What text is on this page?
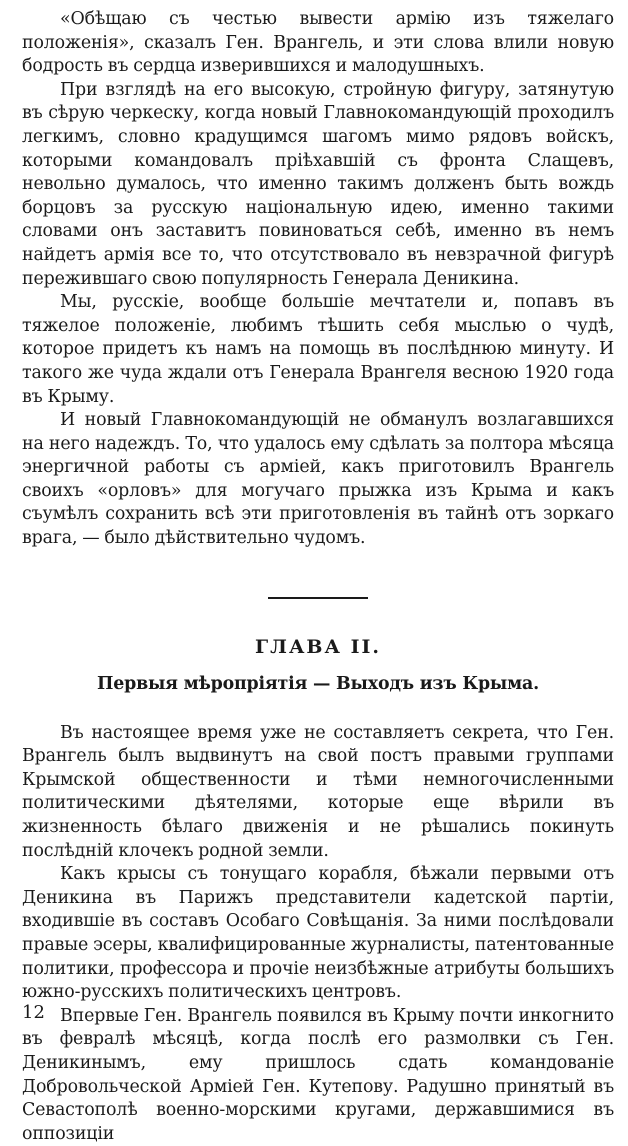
«Обѣщаю съ честью вывести армію изъ тяжелаго положенія», сказалъ Ген. Врангель, и эти слова влили новую бодрость въ сердца изверившихся и малодушныхъ.

При взглядѣ на его высокую, стройную фигуру, затянутую въ сѣрую черкеску, когда новый Главнокомандующій проходилъ легкимъ, словно крадущимся шагомъ мимо рядовъ войскъ, которыми командовалъ пріѣхавшій съ фронта Слащевъ, невольно думалось, что именно такимъ долженъ быть вождь борцовъ за русскую національную идею, именно такими словами онъ заставитъ повиноваться себѣ, именно въ немъ найдетъ армія все то, что отсутствовало въ невзрачной фигурѣ пережившаго свою популярность Генерала Деникина.

Мы, русскіе, вообще большіе мечтатели и, попавъ въ тяжелое положеніе, любимъ тѣшить себя мыслью о чудѣ, которое придетъ къ намъ на помощь въ послѣднюю минуту. И такого же чуда ждали отъ Генерала Врангеля весною 1920 года въ Крыму.

И новый Главнокомандующій не обманулъ возлагавшихся на него надеждъ. То, что удалось ему сдѣлать за полтора мѣсяца энергичной работы съ арміей, какъ приготовилъ Врангель своихъ «орловъ» для могучаго прыжка изъ Крыма и какъ съумѣлъ сохранить всѣ эти приготовленія въ тайнѣ отъ зоркаго врага, — было дѣйствительно чудомъ.

ГЛАВА II.
Первыя мѣропріятія — Выходъ изъ Крыма.

Въ настоящее время уже не составляетъ секрета, что Ген. Врангель былъ выдвинутъ на свой постъ правыми группами Крымской общественности и тѣми немногочисленными политическими дѣятелями, которые еще вѣрили въ жизненность бѣлаго движенія и не рѣшались покинуть послѣдній клочекъ родной земли.

Какъ крысы съ тонущаго корабля, бѣжали первыми отъ Деникина въ Парижъ представители кадетской партіи, входившіе въ составъ Особаго Совѣщанія. За ними послѣдовали правые эсеры, квалифицированные журналисты, патентованные политики, профессора и прочіе неизбѣжные атрибуты большихъ южно-русскихъ политическихъ центровъ.

Впервые Ген. Врангель появился въ Крыму почти инкогнито въ февралѣ мѣсяцѣ, когда послѣ его размолвки съ Ген. Деникинымъ, ему пришлось сдать командованіе Добровольческой Арміей Ген. Кутепову. Радушно принятый въ Севастополѣ военно-морскими кругами, державшимися въ оппозиціи

12
